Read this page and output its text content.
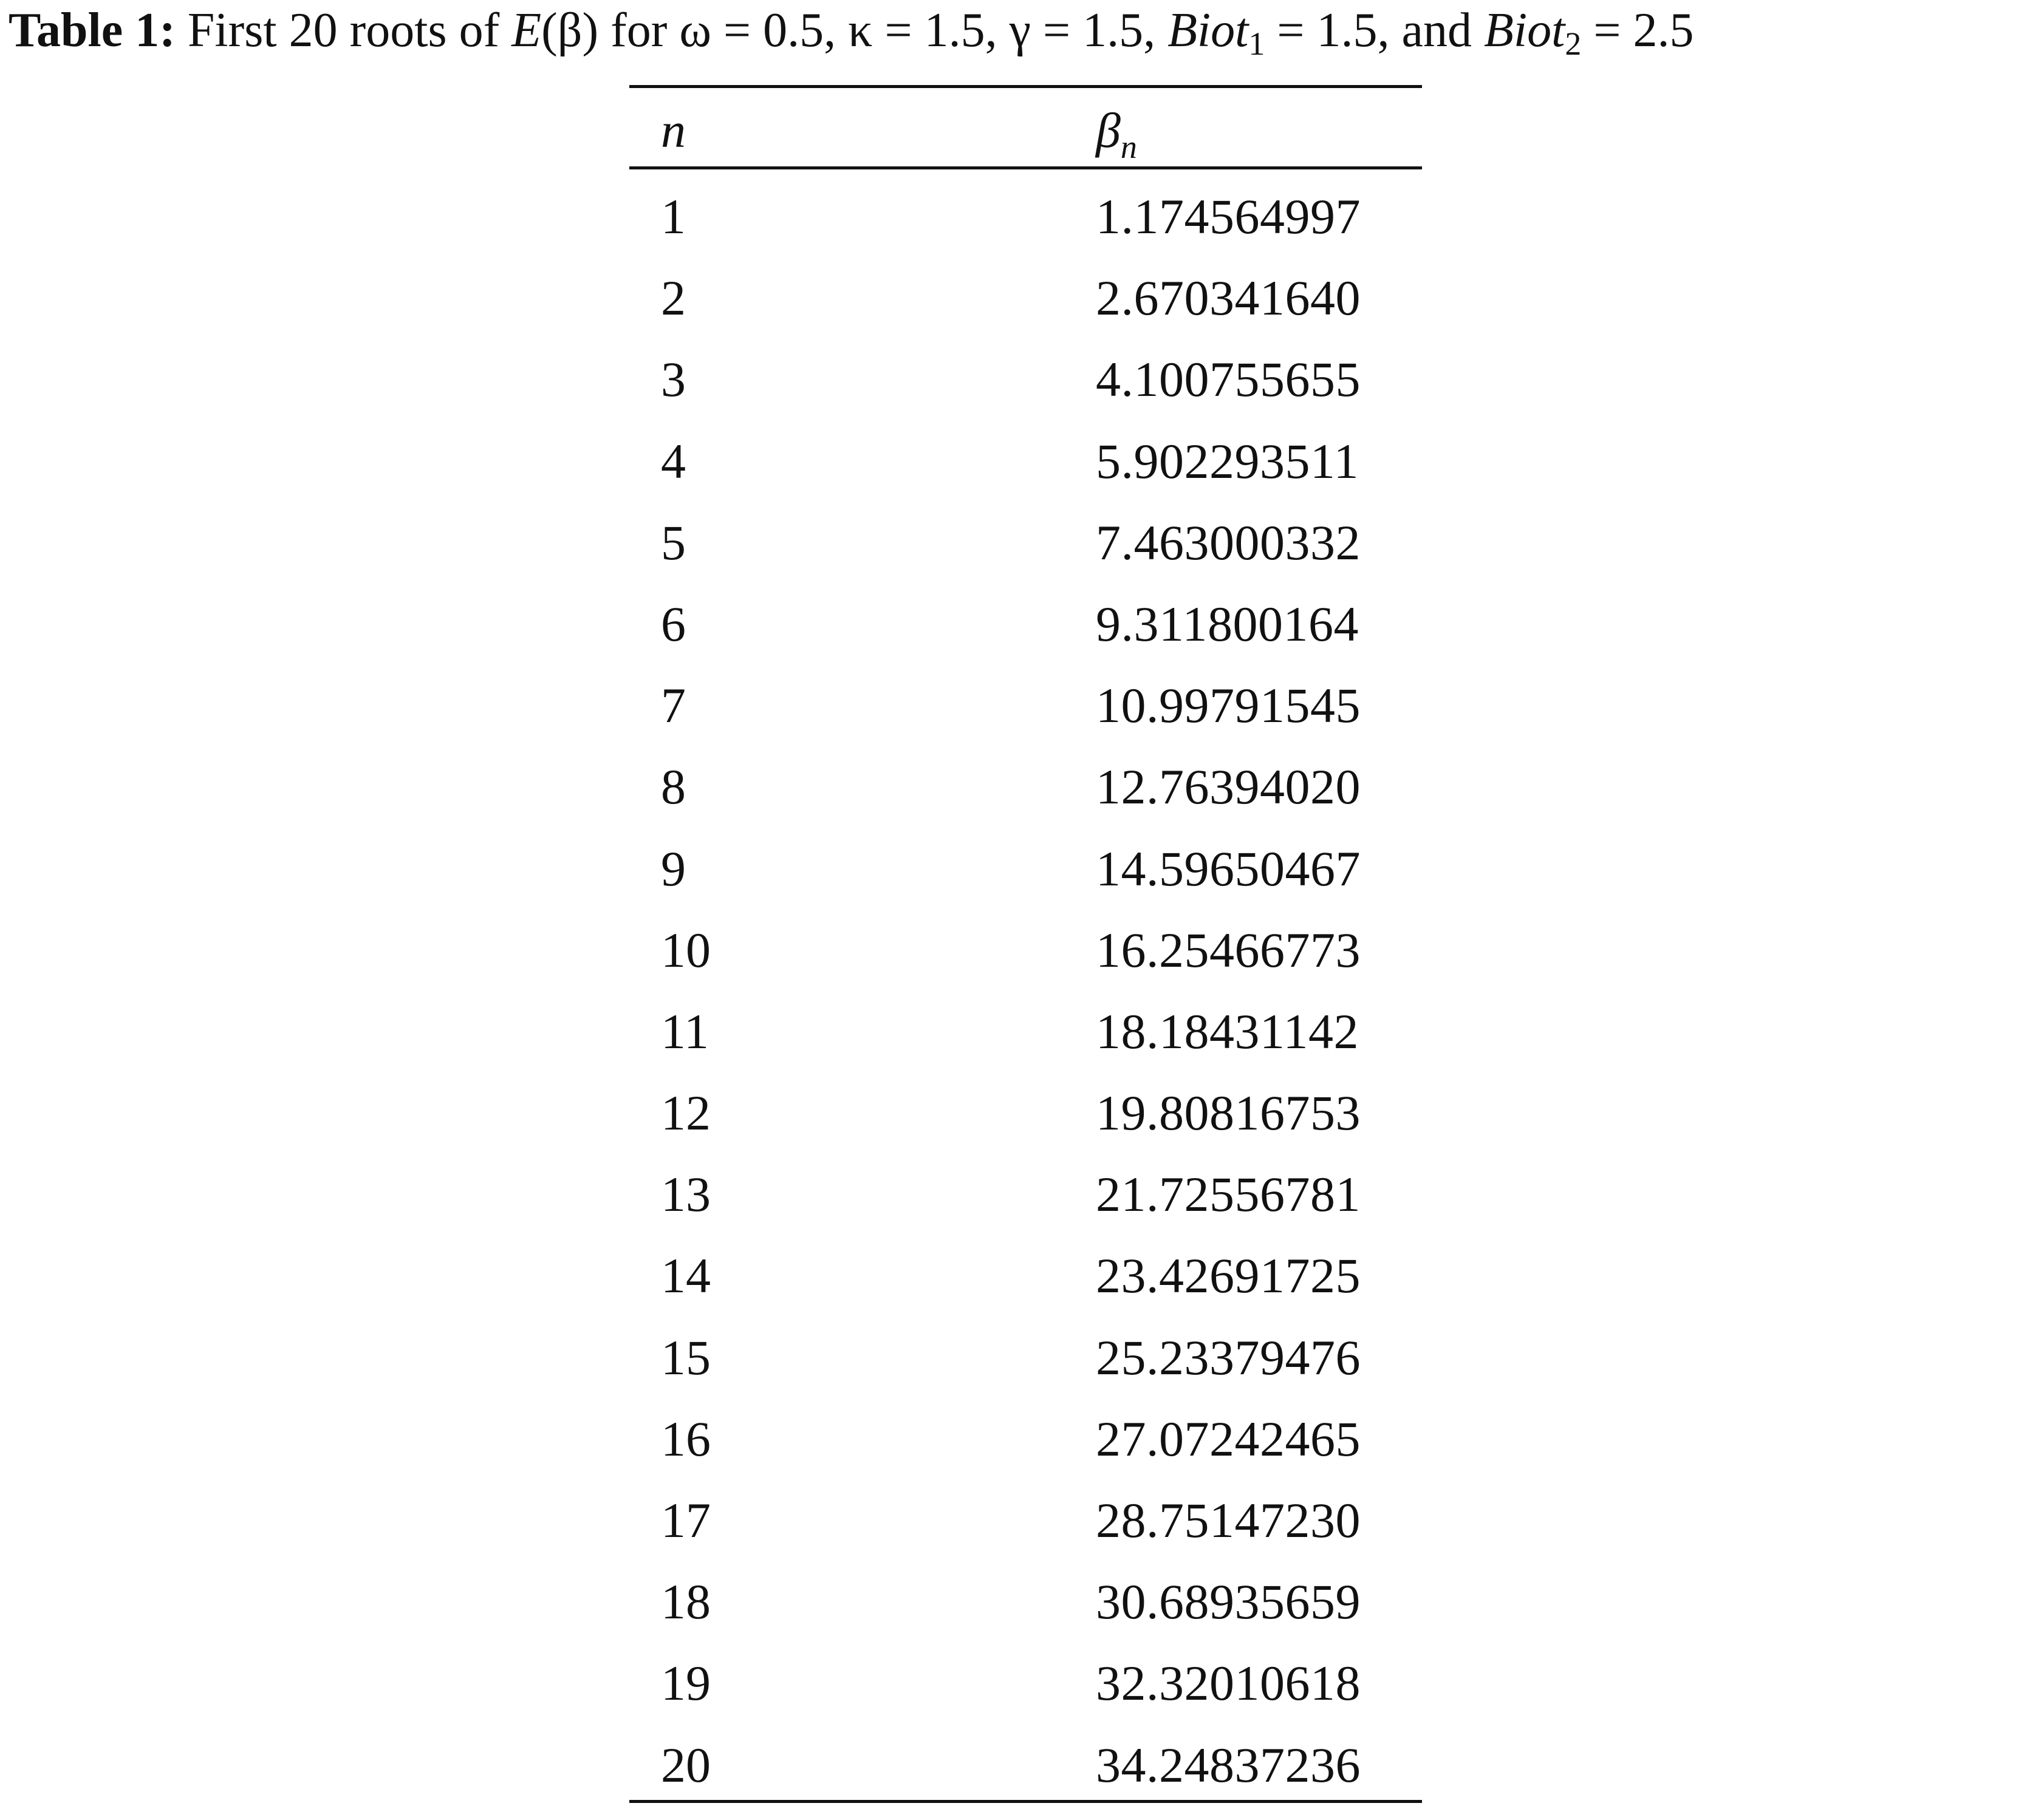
Table 1: First 20 roots of E(β) for ω = 0.5, κ = 1.5, γ = 1.5, Biot$_1$ = 1.5, and Biot$_2$ = 2.5
n	$\beta_n$
1	1.174564997
2	2.670341640
3	4.100755655
4	5.902293511
5	7.463000332
6	9.311800164
7	10.99791545
8	12.76394020
9	14.59650467
10	16.25466773
11	18.18431142
12	19.80816753
13	21.72556781
14	23.42691725
15	25.23379476
16	27.07242465
17	28.75147230
18	30.68935659
19	32.32010618
20	34.24837236
